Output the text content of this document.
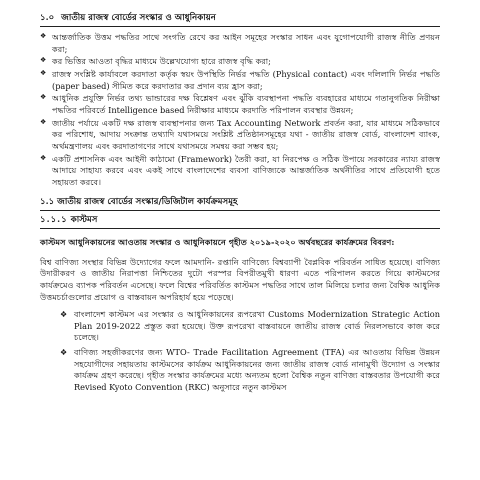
১.০ জাতীয় রাজস্ব বোর্ডের সংস্কার ও আধুনিকায়ন
❖ আন্তর্জাতিক উত্তম পদ্ধতির সাথে সংগতি রেখে কর আইন সমূহের সংস্কার সাধন এবং যুগোপযোগী রাজস্ব নীতি প্রণয়ন করা;
❖ কর ভিত্তির আওতা বৃদ্ধির মাধ্যমে উল্লেখযোগ্য হারে রাজস্ব বৃদ্ধি করা;
❖ রাজস্ব সংশ্লিষ্ট কার্যাবলে করদাতা কর্তৃক স্বয়ং উপস্থিতি নির্ভর পদ্ধতি (Physical contact) এবং দলিলাদি নির্ভর পদ্ধতি (paper based) সীমিত করে করদাতার কর প্রদান ব্যয় হ্রাস করা;
❖ আধুনিক প্রযুক্তি নির্ভর তথ্য ভান্ডারের দক্ষ বিশ্লেষণ এবং ঝুঁকি ব্যবস্থাপনা পদ্ধতি ব্যবহারের মাধ্যমে গতানুগতিক নিরীক্ষা পদ্ধতির পরিবর্তে Intelligence based নিরীক্ষার মাধ্যমে করদাতি পরিপালন ব্যবস্থার উন্নয়ন;
❖ জাতীয় পর্যায়ে একটি দক্ষ রাজস্ব ব্যবস্থাপনার জন্য Tax Accounting Network প্রবর্তন করা, যার মাধ্যমে সঠিকভাবে কর পরিশোধ, আদায় সংক্রান্ত তথ্যাদি যথাসময়ে সংশ্লিষ্ট প্রতিষ্ঠানসমূহের যথা - জাতীয় রাজস্ব বোর্ড, বাংলাদেশ ব্যাংক, অর্থমন্ত্রণালয় এবং করদাতাগণের সাথে যথাসময়ে সমন্বয় করা সম্ভব হয়;
❖ একটি প্রশাসনিক এবং আইনী কাঠামো (Framework) তৈরী করা, যা নিরপেক্ষ ও সঠিক উপায়ে সরকারের ন্যায্য রাজস্ব আদায়ে সাহায্য করবে এবং একই সাথে বাংলাদেশের ব্যবসা বাণিজ্যকে আন্তর্জাতিক অর্থনীতির সাথে প্রতিযোগী হতে সহায়তা করবে।
১.১ জাতীয় রাজস্ব বোর্ডের সংস্কার/ডিজিটাল কার্যক্রমসমূহ
১.১.১ কাস্টমস
কাস্টমস আধুনিকায়নের আওতায় সংস্কার ও আধুনিকায়নে গৃহীত ২০১৯-২০২০ অর্থবছরের কার্যক্রমের বিবরণ:

বিশ্ব বাণিজ্য সংস্থার বিভিন্ন উদ্যোগের ফলে আমদানি- রপ্তানি বাণিজ্যে বিশ্বব্যাপী বৈপ্লবিক পরিবর্তন সাধিত হয়েছে। বাণিজ্য উদারীকরণ ও জাতীয় নিরাপত্তা নিশ্চিতের দুটো পরস্পর বিপরীতমুখী ধারণা এতে পরিপালন করতে গিয়ে কাস্টমসের কার্যক্রমেও ব্যাপক পরিবর্তন এসেছে। ফলে বিশ্বের পরিবর্তিত কাস্টমস পদ্ধতির সাথে তাল মিলিয়ে চলার জন্য বৈশ্বিক আধুনিক উত্তমচর্চাগুলোর প্রয়োগ ও বাস্তবায়ন অপরিহার্য হয়ে পড়েছে।

❖ বাংলাদেশ কাস্টমস এর সংস্কার ও আধুনিকায়নের রূপরেখা Customs Modernization Strategic Action Plan 2019-2022 প্রস্তুত করা হয়েছে। উক্ত রূপরেখা বাস্তবায়নে জাতীয় রাজস্ব বোর্ড নিরলসভাবে কাজ করে চলেছে।
❖ বাণিজ্য সহজীকরণের জন্য WTO- Trade Facilitation Agreement (TFA) এর আওতায় বিভিন্ন উন্নয়ন সহযোগীদের সহায়তায় কাস্টমসের কার্যক্রম আধুনিকায়নের জন্য জাতীয় রাজস্ব বোর্ড নানামুখী উদ্যোগ ও সংস্কার কার্যক্রম গ্রহণ করেছে। গৃহীত সংস্কার কার্যক্রমের মধ্যে অন্যতম হলো বৈশ্বিক নতুন বাণিজ্য বাস্তবতার উপযোগী করে Revised Kyoto Convention (RKC) অনুসারে নতুন কাস্টমস
